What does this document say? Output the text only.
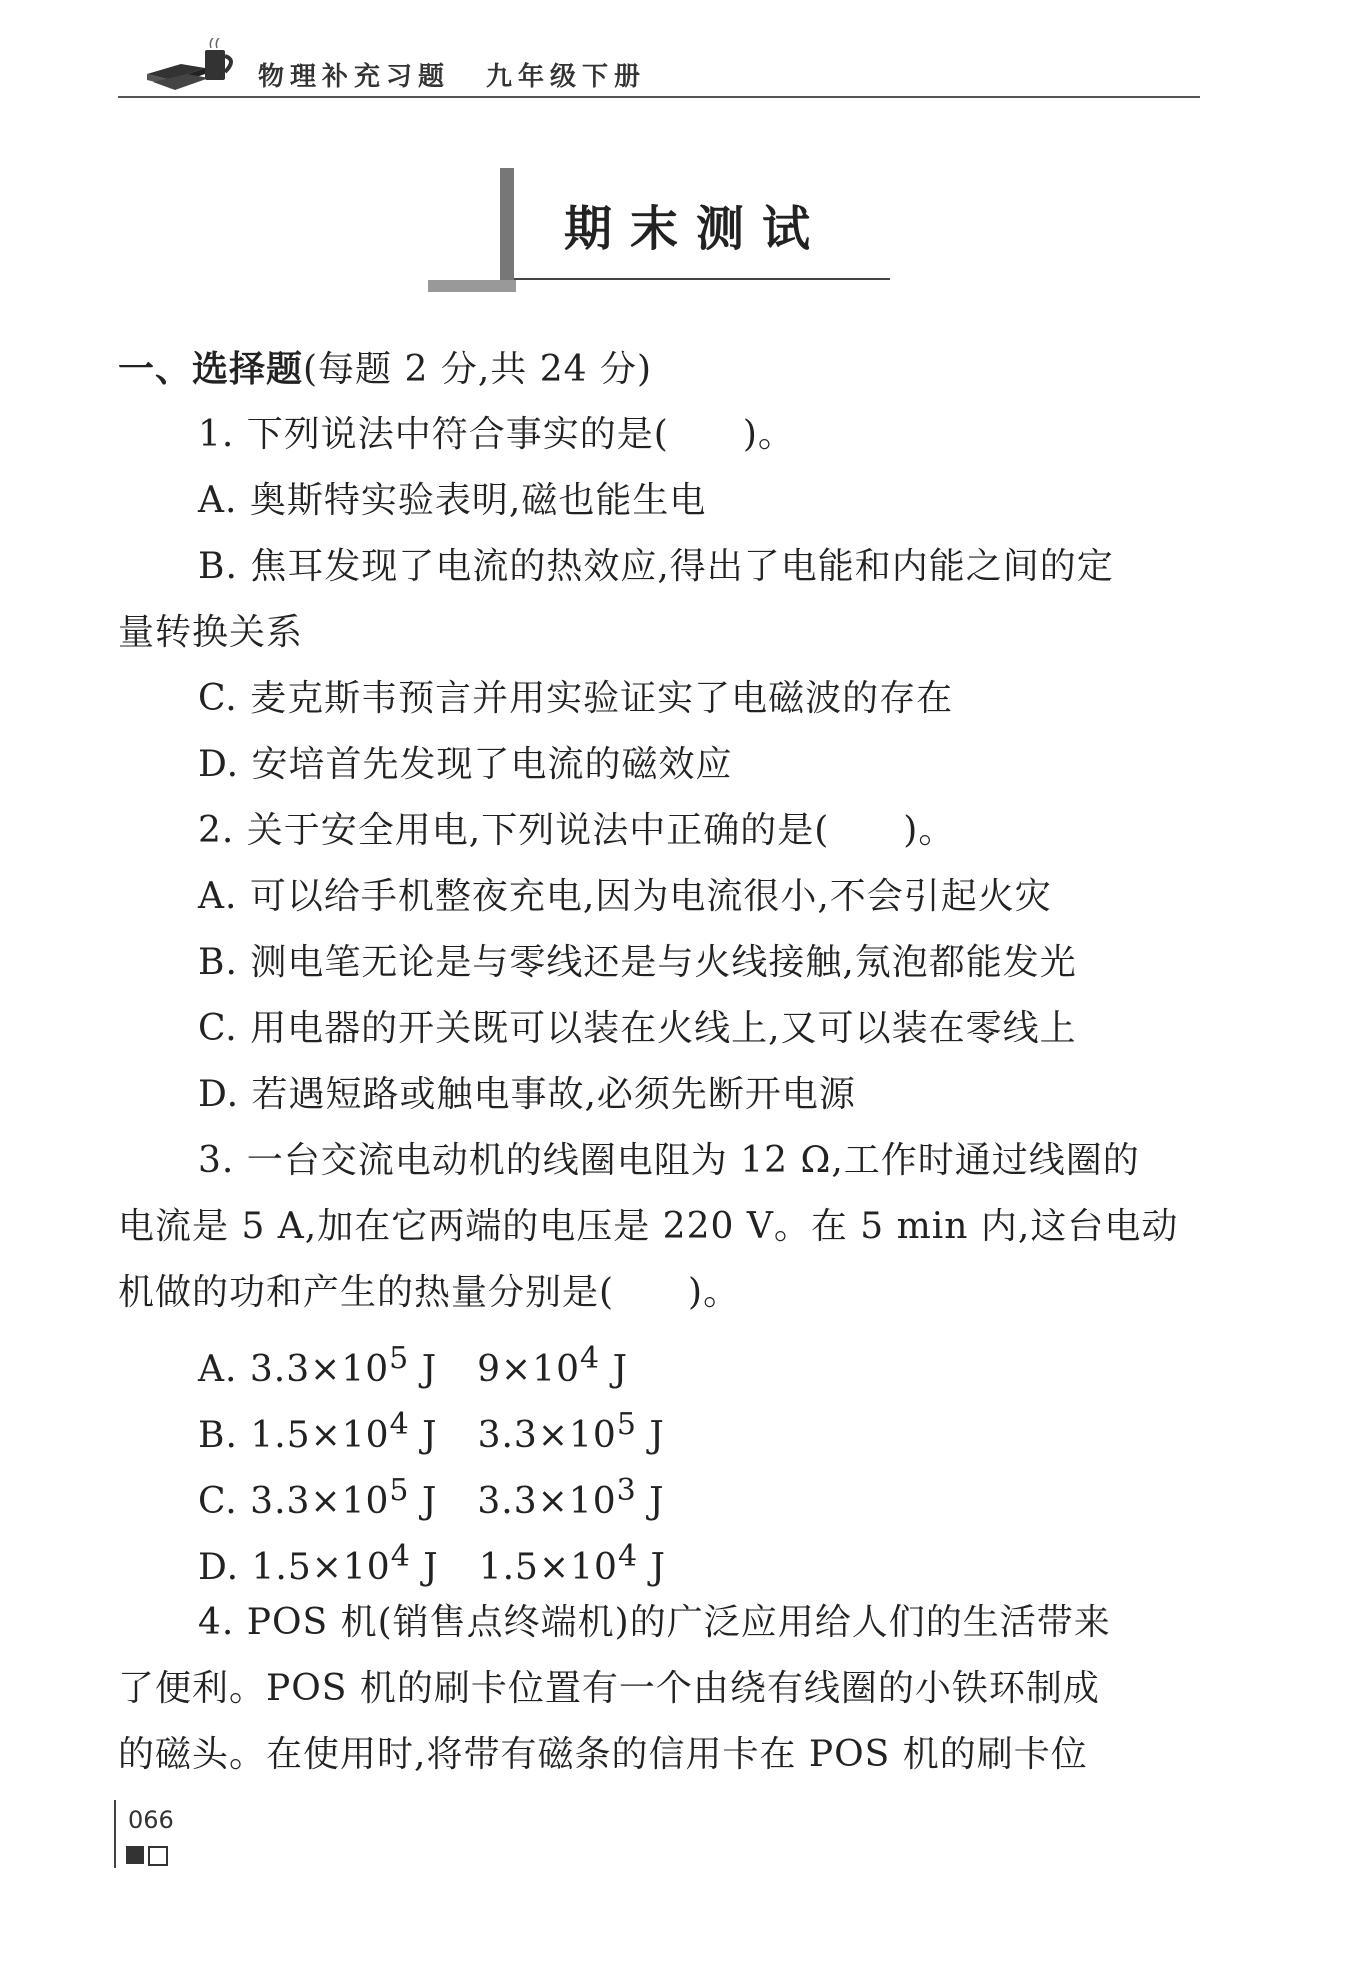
物理补充习题 九年级下册
期末测试
一、选择题(每题 2 分,共 24 分)
1. 下列说法中符合事实的是(　　)。
A. 奥斯特实验表明,磁也能生电
B. 焦耳发现了电流的热效应,得出了电能和内能之间的定
量转换关系
C. 麦克斯韦预言并用实验证实了电磁波的存在
D. 安培首先发现了电流的磁效应
2. 关于安全用电,下列说法中正确的是(　　)。
A. 可以给手机整夜充电,因为电流很小,不会引起火灾
B. 测电笔无论是与零线还是与火线接触,氖泡都能发光
C. 用电器的开关既可以装在火线上,又可以装在零线上
D. 若遇短路或触电事故,必须先断开电源
3. 一台交流电动机的线圈电阻为 12 Ω,工作时通过线圈的
电流是 5 A,加在它两端的电压是 220 V。在 5 min 内,这台电动
机做的功和产生的热量分别是(　　)。
A. $3.3\times 10^5$ J $9\times 10^4$ J
B. $1.5\times 10^4$ J $3.3\times 10^5$ J
C. $3.3\times 10^5$ J $3.3\times 10^3$ J
D. $1.5\times 10^4$ J $1.5\times 10^4$ J
4. POS 机(销售点终端机)的广泛应用给人们的生活带来
了便利。POS 机的刷卡位置有一个由绕有线圈的小铁环制成
的磁头。在使用时,将带有磁条的信用卡在 POS 机的刷卡位
066
